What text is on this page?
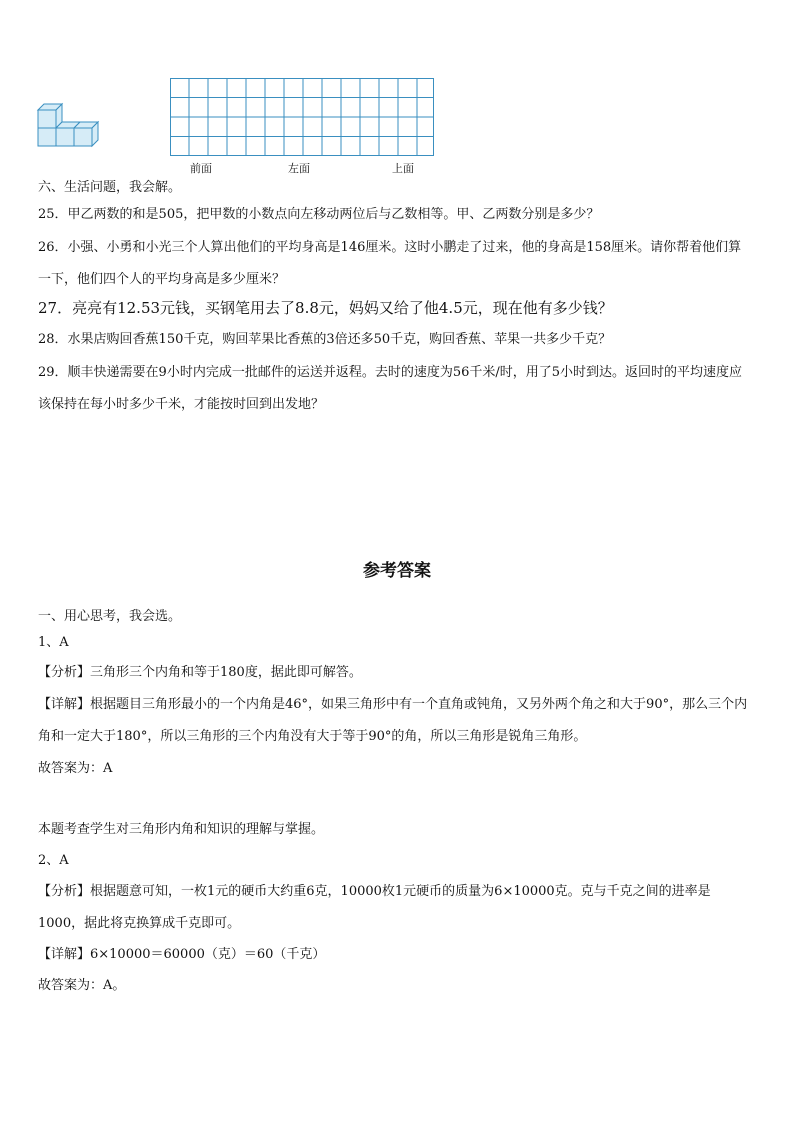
前面	左面	上面
六、生活问题，我会解。
25．甲乙两数的和是505，把甲数的小数点向左移动两位后与乙数相等。甲、乙两数分别是多少？
26．小强、小勇和小光三个人算出他们的平均身高是146厘米。这时小鹏走了过来，他的身高是158厘米。请你帮着他们算一下，他们四个人的平均身高是多少厘米？
27．亮亮有12.53元钱，买钢笔用去了8.8元，妈妈又给了他4.5元，现在他有多少钱？
28．水果店购回香蕉150千克，购回苹果比香蕉的3倍还多50千克，购回香蕉、苹果一共多少千克？
29．顺丰快递需要在9小时内完成一批邮件的运送并返程。去时的速度为56千米/时，用了5小时到达。返回时的平均速度应该保持在每小时多少千米，才能按时回到出发地？
参考答案
一、用心思考，我会选。
1、A
【分析】三角形三个内角和等于180度，据此即可解答。
【详解】根据题目三角形最小的一个内角是46°，如果三角形中有一个直角或钝角，又另外两个角之和大于90°，那么三个内角和一定大于180°，所以三角形的三个内角没有大于等于90°的角，所以三角形是锐角三角形。
故答案为：A
本题考查学生对三角形内角和知识的理解与掌握。
2、A
【分析】根据题意可知，一枚1元的硬币大约重6克，10000枚1元硬币的质量为6×10000克。克与千克之间的进率是1000，据此将克换算成千克即可。
【详解】6×10000＝60000（克）＝60（千克）
故答案为：A。
